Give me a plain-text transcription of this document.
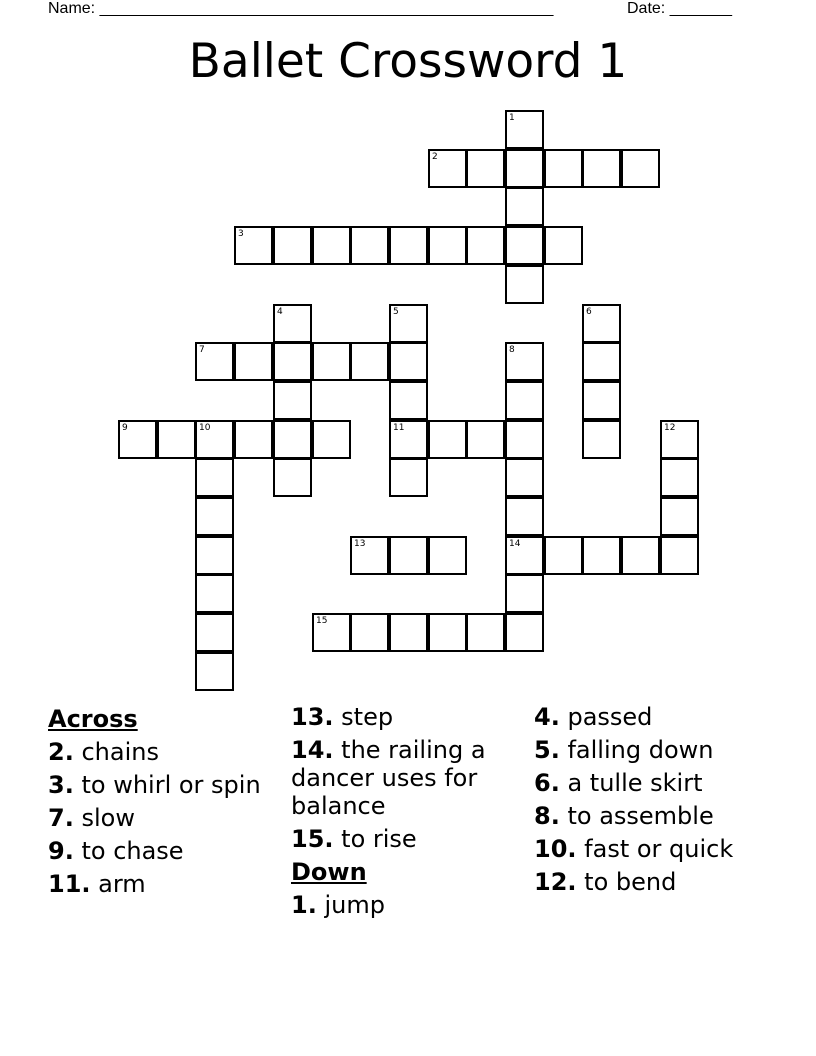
Name: ___________________________________________________	Date: _______
Ballet Crossword 1
1
2
3
4	5
11
6
7	8
14
9	10	12
13
15
Across
2. chains
3. to whirl or spin
7. slow
9. to chase
11. arm
13. step
14. the railing a dancer uses for balance
15. to rise
Down
1. jump
4. passed
5. falling down
6. a tulle skirt
8. to assemble
10. fast or quick
12. to bend
